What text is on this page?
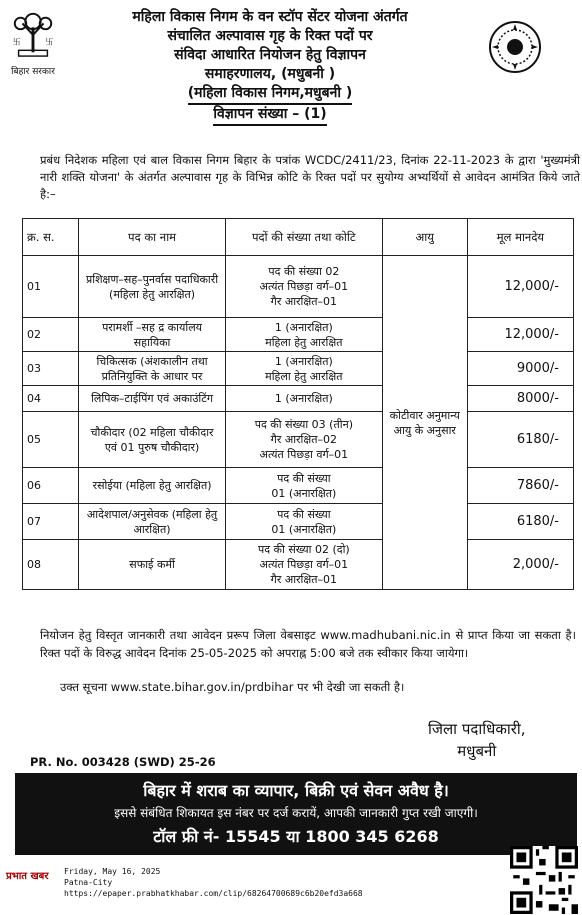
卐	卐
बिहार सरकार
महिला विकास निगम के वन स्टॉप सेंटर योजना अंतर्गत
संचालित अल्पावास गृह के रिक्त पदों पर
संविदा आधारित नियोजन हेतु विज्ञापन
समाहरणालय, (मधुबनी )
(महिला विकास निगम,मधुबनी )
विज्ञापन संख्या – (1)
प्रबंध निदेशक महिला एवं बाल विकास निगम बिहार के पत्रांक WCDC/2411/23, दिनांक 22-11-2023 के द्वारा 'मुख्यमंत्री नारी शक्ति योजना' के अंतर्गत अल्पावास गृह के विभिन्न कोटि के रिक्त पदों पर सुयोग्य अभ्यर्थियों से आवेदन आमंत्रित किये जाते है:–
क्र. स.	पद का नाम	पदों की संख्या तथा कोटि	आयु	मूल मानदेय
01	प्रशिक्षण–सह–पुनर्वास पदाधिकारी (महिला हेतु आरक्षित)	पद की संख्या 02
अत्यंत पिछड़ा वर्ग–01
गैर आरक्षित–01	कोटीवार अनुमान्य आयु के अनुसार	12,000/-
02	परामर्शी –सह द्र कार्यालय सहायिका	1 (अनारक्षित)
महिला हेतु आरक्षित		12,000/-
03	चिकित्सक (अंशकालीन तथा प्रतिनियुक्ति के आधार पर	1 (अनारक्षित)
महिला हेतु आरक्षित		9000/-
04	लिपिक–टाईपिंग एवं अकाउंटिंग	1 (अनारक्षित)		8000/-
05	चौकीदार (02 महिला चौकीदार एवं 01 पुरुष चौकीदार)	पद की संख्या 03 (तीन)
गैर आरक्षित–02
अत्यंत पिछड़ा वर्ग–01		6180/-
06	रसोईया (महिला हेतु आरक्षित)	पद की संख्या
01 (अनारक्षित)		7860/-
07	आदेशपाल/अनुसेवक (महिला हेतु आरक्षित)	पद की संख्या
01 (अनारक्षित)		6180/-
08	सफाई कर्मी	पद की संख्या 02 (दो)
अत्यंत पिछड़ा वर्ग–01
गैर आरक्षित–01		2,000/-
नियोजन हेतु विस्तृत जानकारी तथा आवेदन प्ररूप जिला वेबसाइट www.madhubani.nic.in से प्राप्त किया जा सकता है। रिक्त पदों के विरुद्ध आवेदन दिनांक 25-05-2025 को अपराह्न 5:00 बजे तक स्वीकार किया जायेगा।
उक्त सूचना www.state.bihar.gov.in/prdbihar पर भी देखी जा सकती है।
जिला पदाधिकारी,
मधुबनी
PR. No. 003428 (SWD) 25-26
बिहार में शराब का व्यापार, बिक्री एवं सेवन अवैध है।
इससे संबंधित शिकायत इस नंबर पर दर्ज करायें, आपकी जानकारी गुप्त रखी जाएगी।
टॉल फ्री नं- 15545 या 1800 345 6268
प्रभात खबर Friday, May 16, 2025
Patna-City
https://epaper.prabhatkhabar.com/clip/68264700689c6b20efd3a668
